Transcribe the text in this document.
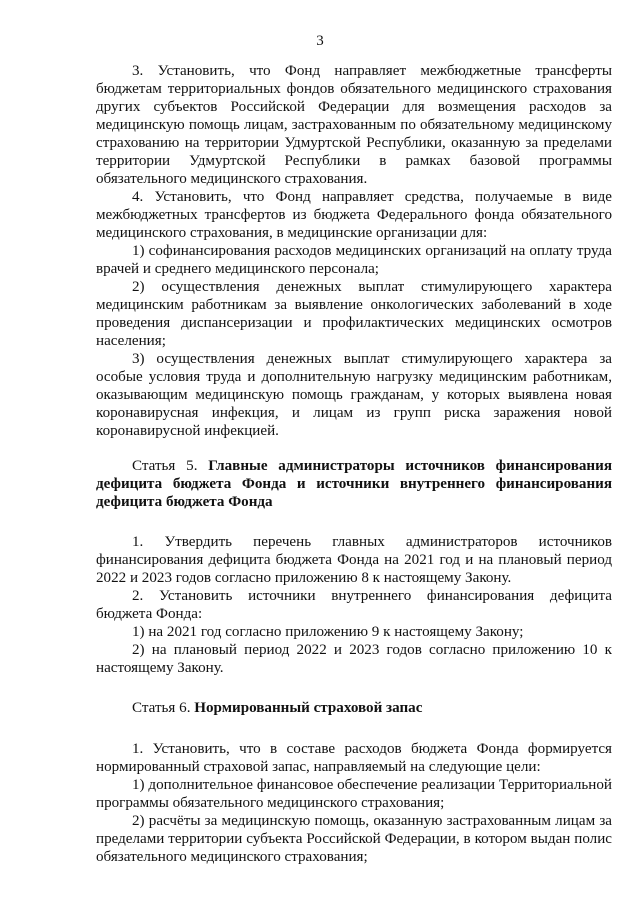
3

3. Установить, что Фонд направляет межбюджетные трансферты бюджетам территориальных фондов обязательного медицинского страхования других субъектов Российской Федерации для возмещения расходов за медицинскую помощь лицам, застрахованным по обязательному медицинскому страхованию на территории Удмуртской Республики, оказанную за пределами территории Удмуртской Республики в рамках базовой программы обязательного медицинского страхования.

4. Установить, что Фонд направляет средства, получаемые в виде межбюджетных трансфертов из бюджета Федерального фонда обязательного медицинского страхования, в медицинские организации для:

1) софинансирования расходов медицинских организаций на оплату труда врачей и среднего медицинского персонала;

2) осуществления денежных выплат стимулирующего характера медицинским работникам за выявление онкологических заболеваний в ходе проведения диспансеризации и профилактических медицинских осмотров населения;

3) осуществления денежных выплат стимулирующего характера за особые условия труда и дополнительную нагрузку медицинским работникам, оказывающим медицинскую помощь гражданам, у которых выявлена новая коронавирусная инфекция, и лицам из групп риска заражения новой коронавирусной инфекцией.

Статья 5. Главные администраторы источников финансирования дефицита бюджета Фонда и источники внутреннего финансирования дефицита бюджета Фонда

1. Утвердить перечень главных администраторов источников финансирования дефицита бюджета Фонда на 2021 год и на плановый период 2022 и 2023 годов согласно приложению 8 к настоящему Закону.

2. Установить источники внутреннего финансирования дефицита бюджета Фонда:

1) на 2021 год согласно приложению 9 к настоящему Закону;

2) на плановый период 2022 и 2023 годов согласно приложению 10 к настоящему Закону.

Статья 6. Нормированный страховой запас

1. Установить, что в составе расходов бюджета Фонда формируется нормированный страховой запас, направляемый на следующие цели:

1) дополнительное финансовое обеспечение реализации Территориальной программы обязательного медицинского страхования;

2) расчёты за медицинскую помощь, оказанную застрахованным лицам за пределами территории субъекта Российской Федерации, в котором выдан полис обязательного медицинского страхования;
